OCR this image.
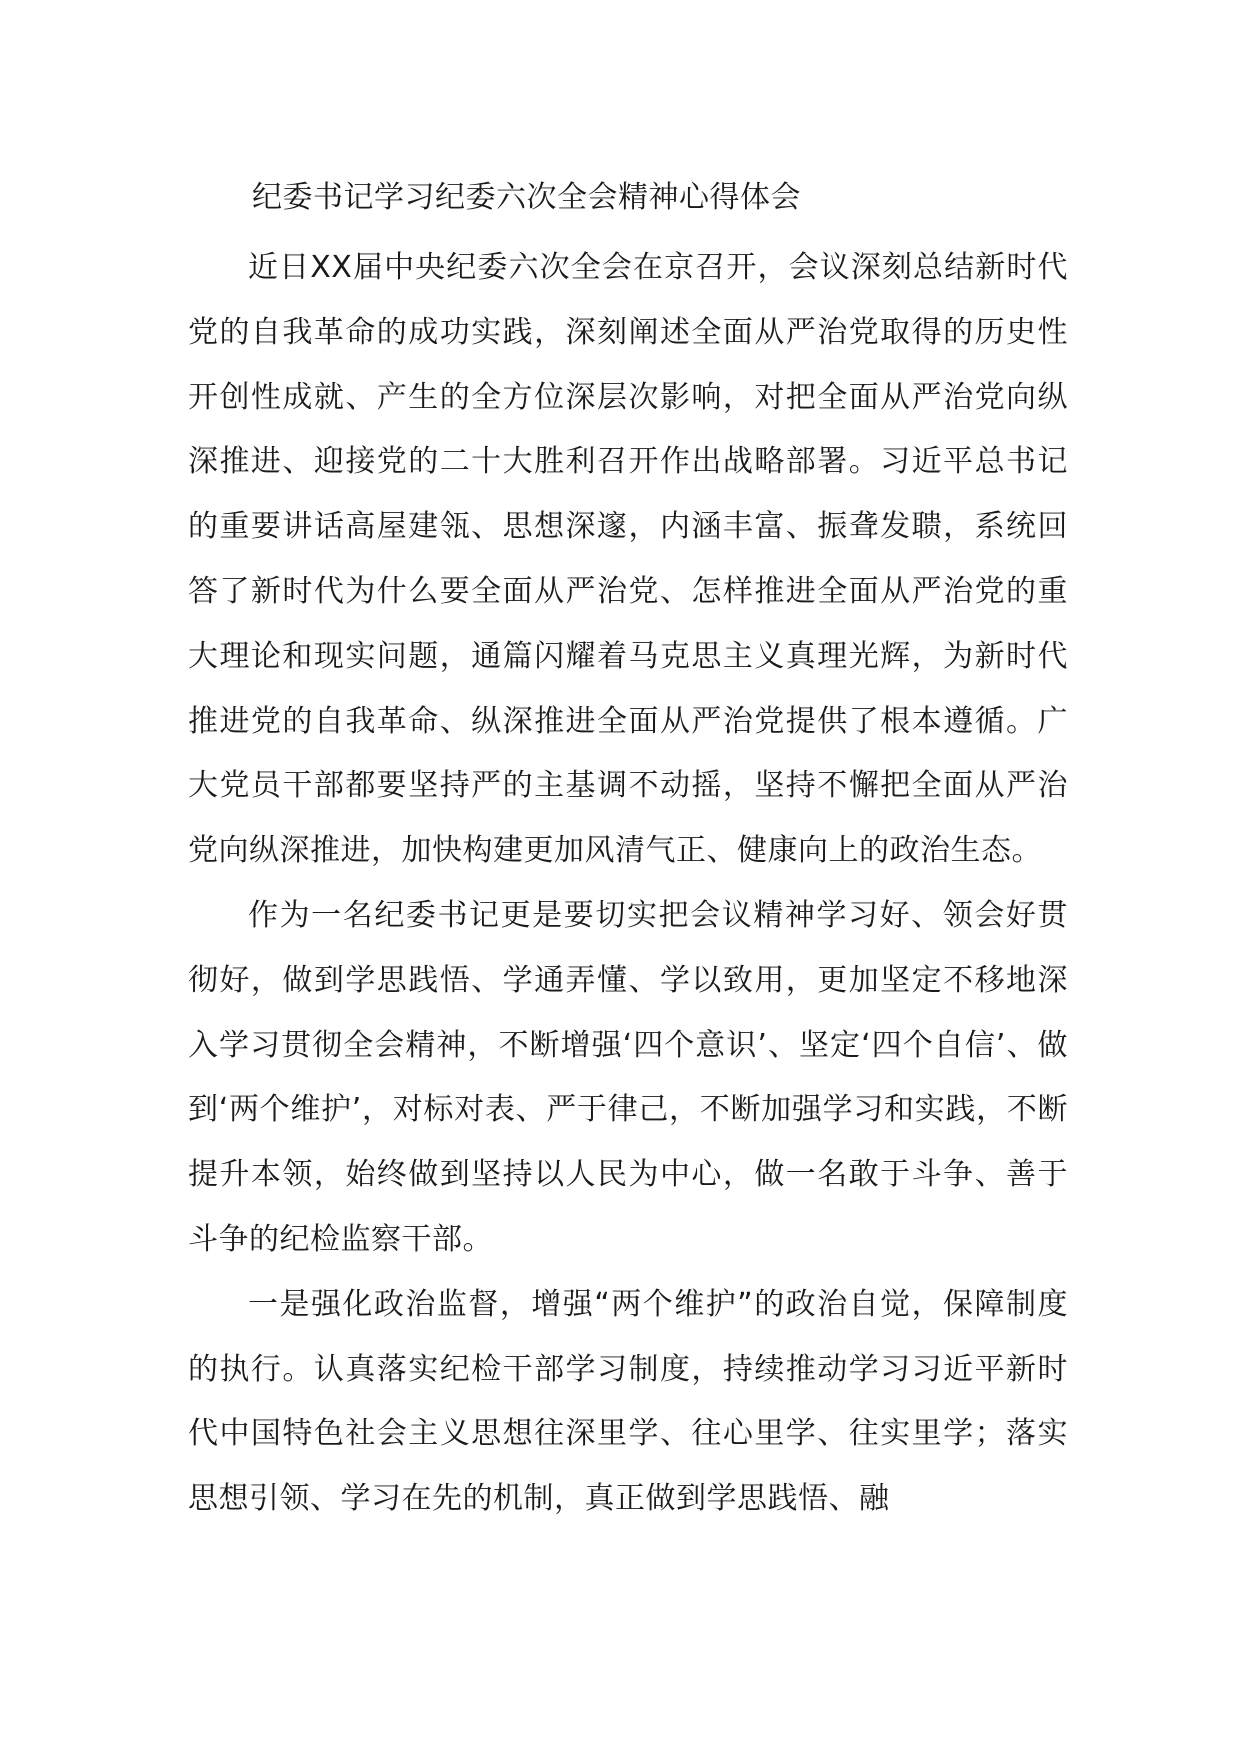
纪委书记学习纪委六次全会精神心得体会

近日XX届中央纪委六次全会在京召开，会议深刻总结新时代党的自我革命的成功实践，深刻阐述全面从严治党取得的历史性开创性成就、产生的全方位深层次影响，对把全面从严治党向纵深推进、迎接党的二十大胜利召开作出战略部署。习近平总书记的重要讲话高屋建瓴、思想深邃，内涵丰富、振聋发聩，系统回答了新时代为什么要全面从严治党、怎样推进全面从严治党的重大理论和现实问题，通篇闪耀着马克思主义真理光辉，为新时代推进党的自我革命、纵深推进全面从严治党提供了根本遵循。广大党员干部都要坚持严的主基调不动摇，坚持不懈把全面从严治党向纵深推进，加快构建更加风清气正、健康向上的政治生态。

作为一名纪委书记更是要切实把会议精神学习好、领会好贯彻好，做到学思践悟、学通弄懂、学以致用，更加坚定不移地深入学习贯彻全会精神，不断增强‘四个意识’、坚定‘四个自信’、做到‘两个维护’，对标对表、严于律己，不断加强学习和实践，不断提升本领，始终做到坚持以人民为中心，做一名敢于斗争、善于斗争的纪检监察干部。

一是强化政治监督，增强“两个维护”的政治自觉，保障制度的执行。认真落实纪检干部学习制度，持续推动学习习近平新时代中国特色社会主义思想往深里学、往心里学、往实里学；落实思想引领、学习在先的机制，真正做到学思践悟、融
